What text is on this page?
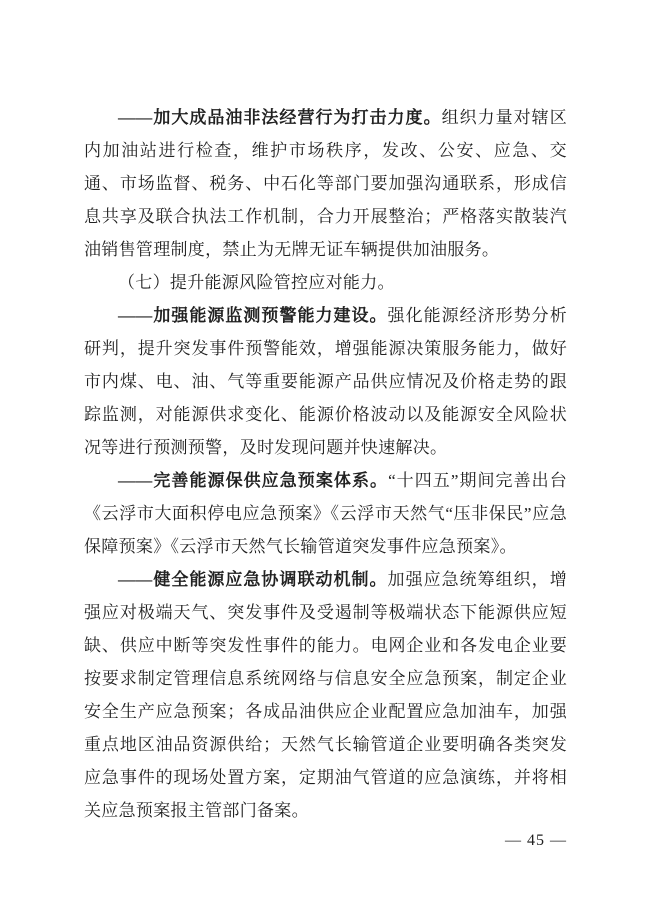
——加大成品油非法经营行为打击力度。组织力量对辖区内加油站进行检查，维护市场秩序，发改、公安、应急、交通、市场监督、税务、中石化等部门要加强沟通联系，形成信息共享及联合执法工作机制，合力开展整治；严格落实散装汽油销售管理制度，禁止为无牌无证车辆提供加油服务。

（七）提升能源风险管控应对能力。

——加强能源监测预警能力建设。强化能源经济形势分析研判，提升突发事件预警能效，增强能源决策服务能力，做好市内煤、电、油、气等重要能源产品供应情况及价格走势的跟踪监测，对能源供求变化、能源价格波动以及能源安全风险状况等进行预测预警，及时发现问题并快速解决。

——完善能源保供应急预案体系。“十四五”期间完善出台《云浮市大面积停电应急预案》《云浮市天然气“压非保民”应急保障预案》《云浮市天然气长输管道突发事件应急预案》。

——健全能源应急协调联动机制。加强应急统筹组织，增强应对极端天气、突发事件及受遏制等极端状态下能源供应短缺、供应中断等突发性事件的能力。电网企业和各发电企业要按要求制定管理信息系统网络与信息安全应急预案，制定企业安全生产应急预案；各成品油供应企业配置应急加油车，加强重点地区油品资源供给；天然气长输管道企业要明确各类突发应急事件的现场处置方案，定期油气管道的应急演练，并将相关应急预案报主管部门备案。

— 45 —
